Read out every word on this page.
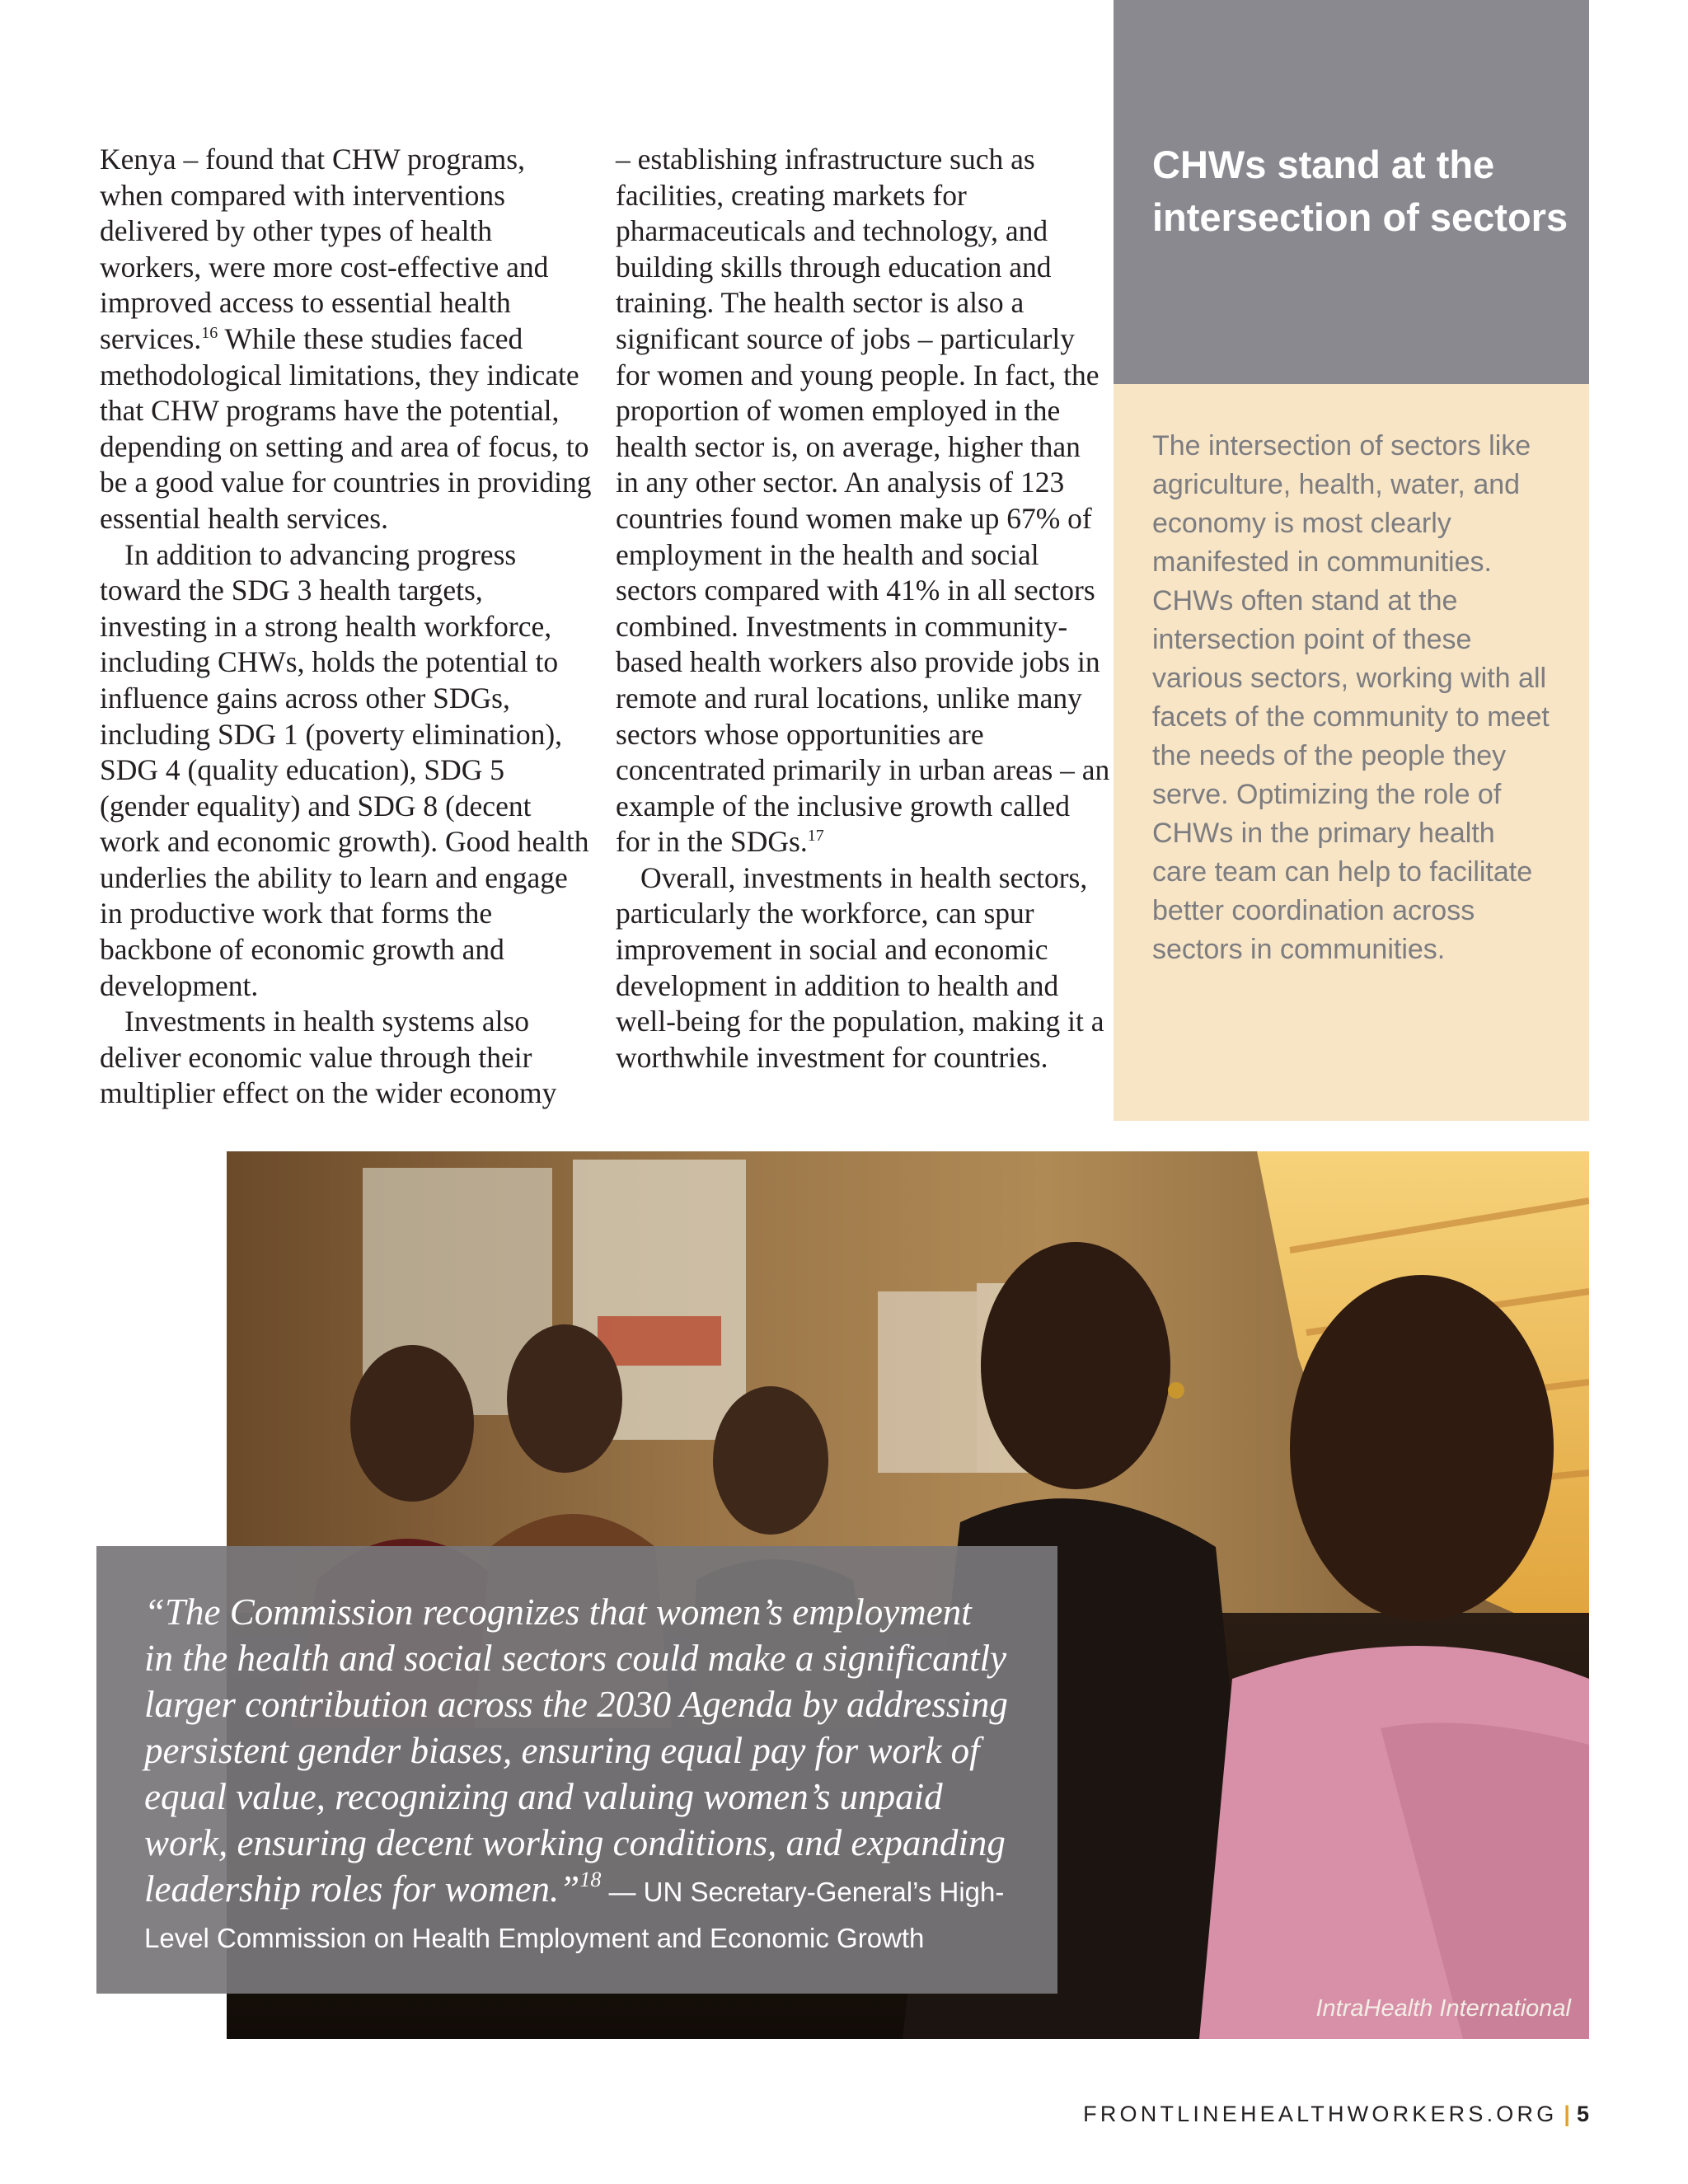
Kenya – found that CHW programs, when compared with interventions delivered by other types of health workers, were more cost-effective and improved access to essential health services.$^{16}$ While these studies faced methodological limitations, they indicate that CHW programs have the potential, depending on setting and area of focus, to be a good value for countries in providing essential health services.

In addition to advancing progress toward the SDG 3 health targets, investing in a strong health workforce, including CHWs, holds the potential to influence gains across other SDGs, including SDG 1 (poverty elimination), SDG 4 (quality education), SDG 5 (gender equality) and SDG 8 (decent work and economic growth). Good health underlies the ability to learn and engage in productive work that forms the backbone of economic growth and development.

Investments in health systems also deliver economic value through their multiplier effect on the wider economy

– establishing infrastructure such as facilities, creating markets for pharmaceuticals and technology, and building skills through education and training. The health sector is also a significant source of jobs – particularly for women and young people. In fact, the proportion of women employed in the health sector is, on average, higher than in any other sector. An analysis of 123 countries found women make up 67% of employment in the health and social sectors compared with 41% in all sectors combined. Investments in community-based health workers also provide jobs in remote and rural locations, unlike many sectors whose opportunities are concentrated primarily in urban areas – an example of the inclusive growth called for in the SDGs.$^{17}$

Overall, investments in health sectors, particularly the workforce, can spur improvement in social and economic development in addition to health and well-being for the population, making it a worthwhile investment for countries.

CHWs stand at the intersection of sectors

The intersection of sectors like agriculture, health, water, and economy is most clearly manifested in communities. CHWs often stand at the intersection point of these various sectors, working with all facets of the community to meet the needs of the people they serve. Optimizing the role of CHWs in the primary health care team can help to facilitate better coordination across sectors in communities.

IntraHealth International

“The Commission recognizes that women’s employment in the health and social sectors could make a significantly larger contribution across the 2030 Agenda by addressing persistent gender biases, ensuring equal pay for work of equal value, recognizing and valuing women’s unpaid work, ensuring decent working conditions, and expanding leadership roles for women.”$^{18}$ — UN Secretary-General’s High-Level Commission on Health Employment and Economic Growth

FRONTLINEHEALTHWORKERS.ORG | 5
